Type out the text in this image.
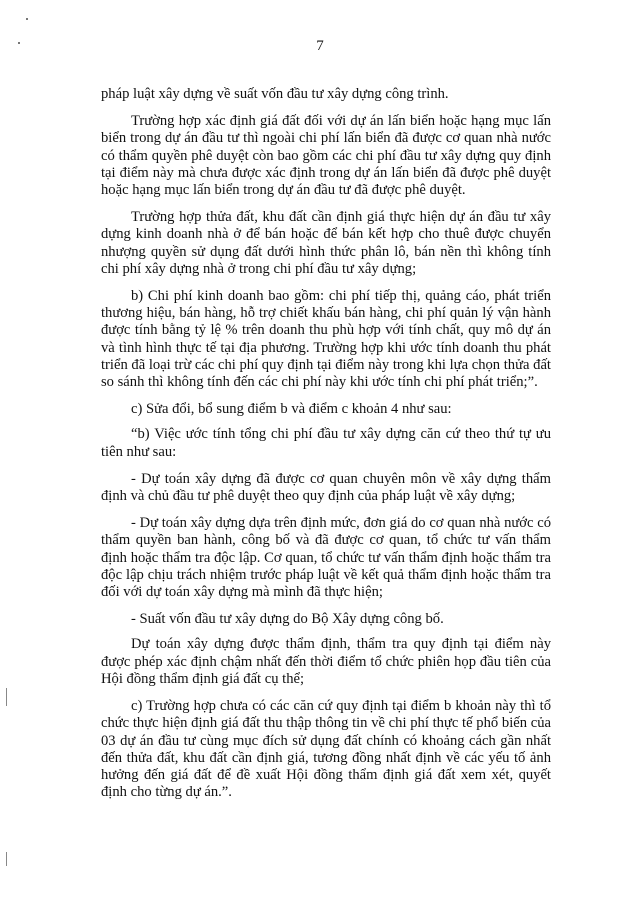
7

pháp luật xây dựng về suất vốn đầu tư xây dựng công trình.

Trường hợp xác định giá đất đối với dự án lấn biển hoặc hạng mục lấn biển trong dự án đầu tư thì ngoài chi phí lấn biển đã được cơ quan nhà nước có thẩm quyền phê duyệt còn bao gồm các chi phí đầu tư xây dựng quy định tại điểm này mà chưa được xác định trong dự án lấn biển đã được phê duyệt hoặc hạng mục lấn biển trong dự án đầu tư đã được phê duyệt.

Trường hợp thửa đất, khu đất cần định giá thực hiện dự án đầu tư xây dựng kinh doanh nhà ở để bán hoặc để bán kết hợp cho thuê được chuyển nhượng quyền sử dụng đất dưới hình thức phân lô, bán nền thì không tính chi phí xây dựng nhà ở trong chi phí đầu tư xây dựng;

b) Chi phí kinh doanh bao gồm: chi phí tiếp thị, quảng cáo, phát triển thương hiệu, bán hàng, hỗ trợ chiết khấu bán hàng, chi phí quản lý vận hành được tính bằng tỷ lệ % trên doanh thu phù hợp với tính chất, quy mô dự án và tình hình thực tế tại địa phương. Trường hợp khi ước tính doanh thu phát triển đã loại trừ các chi phí quy định tại điểm này trong khi lựa chọn thửa đất so sánh thì không tính đến các chi phí này khi ước tính chi phí phát triển;”.

c) Sửa đổi, bổ sung điểm b và điểm c khoản 4 như sau:

“b) Việc ước tính tổng chi phí đầu tư xây dựng căn cứ theo thứ tự ưu tiên như sau:

- Dự toán xây dựng đã được cơ quan chuyên môn về xây dựng thẩm định và chủ đầu tư phê duyệt theo quy định của pháp luật về xây dựng;

- Dự toán xây dựng dựa trên định mức, đơn giá do cơ quan nhà nước có thẩm quyền ban hành, công bố và đã được cơ quan, tổ chức tư vấn thẩm định hoặc thẩm tra độc lập. Cơ quan, tổ chức tư vấn thẩm định hoặc thẩm tra độc lập chịu trách nhiệm trước pháp luật về kết quả thẩm định hoặc thẩm tra đối với dự toán xây dựng mà mình đã thực hiện;

- Suất vốn đầu tư xây dựng do Bộ Xây dựng công bố.

Dự toán xây dựng được thẩm định, thẩm tra quy định tại điểm này được phép xác định chậm nhất đến thời điểm tổ chức phiên họp đầu tiên của Hội đồng thẩm định giá đất cụ thể;

c) Trường hợp chưa có các căn cứ quy định tại điểm b khoản này thì tổ chức thực hiện định giá đất thu thập thông tin về chi phí thực tế phổ biến của 03 dự án đầu tư cùng mục đích sử dụng đất chính có khoảng cách gần nhất đến thửa đất, khu đất cần định giá, tương đồng nhất định về các yếu tố ảnh hưởng đến giá đất để đề xuất Hội đồng thẩm định giá đất xem xét, quyết định cho từng dự án.”.
